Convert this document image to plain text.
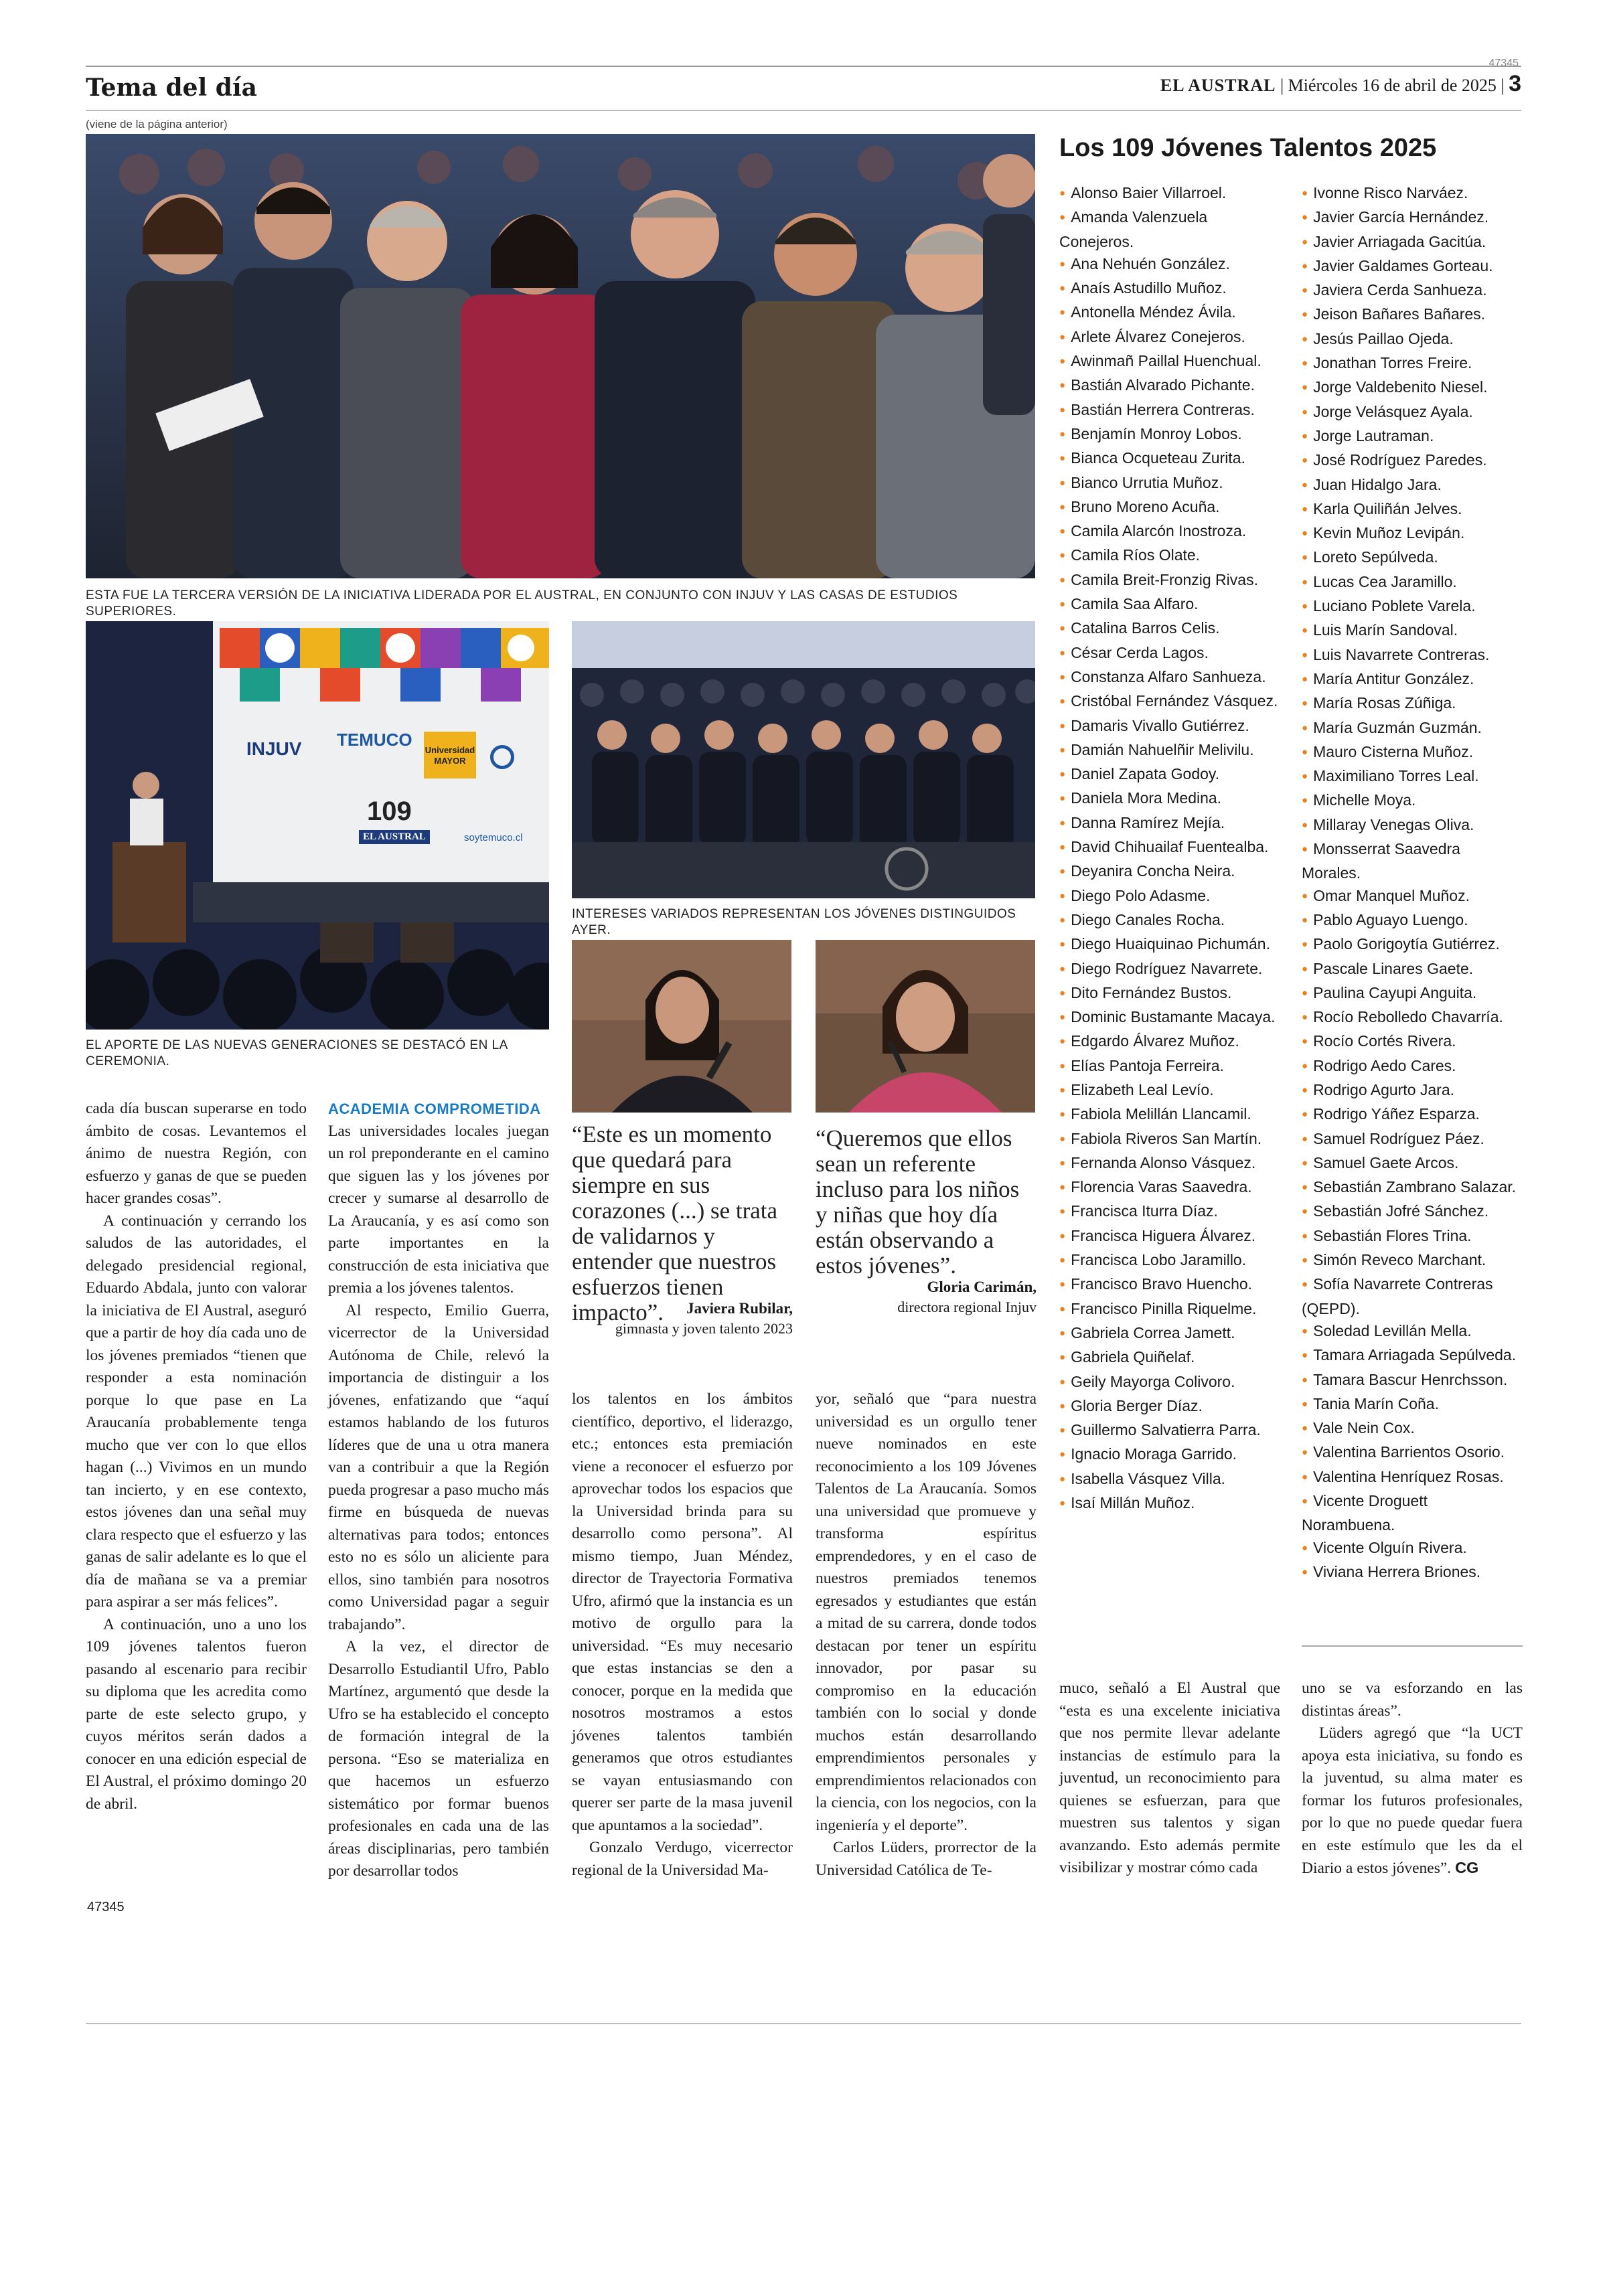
Tema del día
47345
EL AUSTRAL | Miércoles 16 de abril de 2025 | 3
(viene de la página anterior)
ESTA FUE LA TERCERA VERSIÓN DE LA INICIATIVA LIDERADA POR EL AUSTRAL, EN CONJUNTO CON INJUV Y LAS CASAS DE ESTUDIOS SUPERIORES.
INJUV TEMUCO
Universidad MAYOR
109
EL AUSTRAL	soytemuco.cl
EL APORTE DE LAS NUEVAS GENERACIONES SE DESTACÓ EN LA CEREMONIA.
INTERESES VARIADOS REPRESENTAN LOS JÓVENES DISTINGUIDOS AYER.
“Este es un momento que quedará para siempre en sus corazones (...) se trata de validarnos y entender que nuestros esfuerzos tienen impacto”.	Javiera Rubilar,
gimnasta y joven talento 2023
“Queremos que ellos sean un referente incluso para los niños y niñas que hoy día están observando a estos jóvenes”.
Gloria Carimán,
directora regional Injuv

cada día buscan superarse en todo ámbito de cosas. Levantemos el ánimo de nuestra Región, con esfuerzo y ganas de que se pueden hacer grandes cosas”.

A continuación y cerrando los saludos de las autoridades, el delegado presidencial regional, Eduardo Abdala, junto con valorar la iniciativa de El Austral, aseguró que a partir de hoy día cada uno de los jóvenes premiados “tienen que responder a esta nominación porque lo que pase en La Araucanía probablemente tenga mucho que ver con lo que ellos hagan (...) Vivimos en un mundo tan incierto, y en ese contexto, estos jóvenes dan una señal muy clara respecto que el esfuerzo y las ganas de salir adelante es lo que el día de mañana se va a premiar para aspirar a ser más felices”.

A continuación, uno a uno los 109 jóvenes talentos fueron pasando al escenario para recibir su diploma que les acredita como parte de este selecto grupo, y cuyos méritos serán dados a conocer en una edición especial de El Austral, el próximo domingo 20 de abril.

47345
ACADEMIA COMPROMETIDA

Las universidades locales juegan un rol preponderante en el camino que siguen las y los jóvenes por crecer y sumarse al desarrollo de La Araucanía, y es así como son parte importantes en la construcción de esta iniciativa que premia a los jóvenes talentos.

Al respecto, Emilio Guerra, vicerrector de la Universidad Autónoma de Chile, relevó la importancia de distinguir a los jóvenes, enfatizando que “aquí estamos hablando de los futuros líderes que de una u otra manera van a contribuir a que la Región pueda progresar a paso mucho más firme en búsqueda de nuevas alternativas para todos; entonces esto no es sólo un aliciente para ellos, sino también para nosotros como Universidad pagar a seguir trabajando”.

A la vez, el director de Desarrollo Estudiantil Ufro, Pablo Martínez, argumentó que desde la Ufro se ha establecido el concepto de formación integral de la persona. “Eso se materializa en que hacemos un esfuerzo sistemático por formar buenos profesionales en cada una de las áreas disciplinarias, pero también por desarrollar todos

los talentos en los ámbitos científico, deportivo, el liderazgo, etc.; entonces esta premiación viene a reconocer el esfuerzo por aprovechar todos los espacios que la Universidad brinda para su desarrollo como persona”. Al mismo tiempo, Juan Méndez, director de Trayectoria Formativa Ufro, afirmó que la instancia es un motivo de orgullo para la universidad. “Es muy necesario que estas instancias se den a conocer, porque en la medida que nosotros mostramos a estos jóvenes talentos también generamos que otros estudiantes se vayan entusiasmando con querer ser parte de la masa juvenil que apuntamos a la sociedad”.

Gonzalo Verdugo, vicerrector regional de la Universidad Ma-

yor, señaló que “para nuestra universidad es un orgullo tener nueve nominados en este reconocimiento a los 109 Jóvenes Talentos de La Araucanía. Somos una universidad que promueve y transforma espíritus emprendedores, y en el caso de nuestros premiados tenemos egresados y estudiantes que están a mitad de su carrera, donde todos destacan por tener un espíritu innovador, por pasar su compromiso en la educación también con lo social y donde muchos están desarrollando emprendimientos personales y emprendimientos relacionados con la ciencia, con los negocios, con la ingeniería y el deporte”.

Carlos Lüders, prorrector de la Universidad Católica de Te-

muco, señaló a El Austral que “esta es una excelente iniciativa que nos permite llevar adelante instancias de estímulo para la juventud, un reconocimiento para quienes se esfuerzan, para que muestren sus talentos y sigan avanzando. Esto además permite visibilizar y mostrar cómo cada

uno se va esforzando en las distintas áreas”.

Lüders agregó que “la UCT apoya esta iniciativa, su fondo es la juventud, su alma mater es formar los futuros profesionales, por lo que no puede quedar fuera en este estímulo que les da el Diario a estos jóvenes”. CG

Los 109 Jóvenes Talentos 2025
● Alonso Baier Villarroel.
● Amanda Valenzuela Conejeros.
● Ana Nehuén González.
● Anaís Astudillo Muñoz.
● Antonella Méndez Ávila.
● Arlete Álvarez Conejeros.
● Awinmañ Paillal Huenchual.
● Bastián Alvarado Pichante.
● Bastián Herrera Contreras.
● Benjamín Monroy Lobos.
● Bianca Ocqueteau Zurita.
● Bianco Urrutia Muñoz.
● Bruno Moreno Acuña.
● Camila Alarcón Inostroza.
● Camila Ríos Olate.
● Camila Breit-Fronzig Rivas.
● Camila Saa Alfaro.
● Catalina Barros Celis.
● César Cerda Lagos.
● Constanza Alfaro Sanhueza.
● Cristóbal Fernández Vásquez.
● Damaris Vivallo Gutiérrez.
● Damián Nahuelñir Melivilu.
● Daniel Zapata Godoy.
● Daniela Mora Medina.
● Danna Ramírez Mejía.
● David Chihuailaf Fuentealba.
● Deyanira Concha Neira.
● Diego Polo Adasme.
● Diego Canales Rocha.
● Diego Huaiquinao Pichumán.
● Diego Rodríguez Navarrete.
● Dito Fernández Bustos.
● Dominic Bustamante Macaya.
● Edgardo Álvarez Muñoz.
● Elías Pantoja Ferreira.
● Elizabeth Leal Levío.
● Fabiola Melillán Llancamil.
● Fabiola Riveros San Martín.
● Fernanda Alonso Vásquez.
● Florencia Varas Saavedra.
● Francisca Iturra Díaz.
● Francisca Higuera Álvarez.
● Francisca Lobo Jaramillo.
● Francisco Bravo Huencho.
● Francisco Pinilla Riquelme.
● Gabriela Correa Jamett.
● Gabriela Quiñelaf.
● Geily Mayorga Colivoro.
● Gloria Berger Díaz.
● Guillermo Salvatierra Parra.
● Ignacio Moraga Garrido.
● Isabella Vásquez Villa.
● Isaí Millán Muñoz.
● Ivonne Risco Narváez.
● Javier García Hernández.
● Javier Arriagada Gacitúa.
● Javier Galdames Gorteau.
● Javiera Cerda Sanhueza.
● Jeison Bañares Bañares.
● Jesús Paillao Ojeda.
● Jonathan Torres Freire.
● Jorge Valdebenito Niesel.
● Jorge Velásquez Ayala.
● Jorge Lautraman.
● José Rodríguez Paredes.
● Juan Hidalgo Jara.
● Karla Quiliñán Jelves.
● Kevin Muñoz Levipán.
● Loreto Sepúlveda.
● Lucas Cea Jaramillo.
● Luciano Poblete Varela.
● Luis Marín Sandoval.
● Luis Navarrete Contreras.
● María Antitur González.
● María Rosas Zúñiga.
● María Guzmán Guzmán.
● Mauro Cisterna Muñoz.
● Maximiliano Torres Leal.
● Michelle Moya.
● Millaray Venegas Oliva.
● Monsserrat Saavedra Morales.
● Omar Manquel Muñoz.
● Pablo Aguayo Luengo.
● Paolo Gorigoytía Gutiérrez.
● Pascale Linares Gaete.
● Paulina Cayupi Anguita.
● Rocío Rebolledo Chavarría.
● Rocío Cortés Rivera.
● Rodrigo Aedo Cares.
● Rodrigo Agurto Jara.
● Rodrigo Yáñez Esparza.
● Samuel Rodríguez Páez.
● Samuel Gaete Arcos.
● Sebastián Zambrano Salazar.
● Sebastián Jofré Sánchez.
● Sebastián Flores Trina.
● Simón Reveco Marchant.
● Sofía Navarrete Contreras (QEPD).
● Soledad Levillán Mella.
● Tamara Arriagada Sepúlveda.
● Tamara Bascur Henrchsson.
● Tania Marín Coña.
● Vale Nein Cox.
● Valentina Barrientos Osorio.
● Valentina Henríquez Rosas.
● Vicente Droguett Norambuena.
● Vicente Olguín Rivera.
● Viviana Herrera Briones.
